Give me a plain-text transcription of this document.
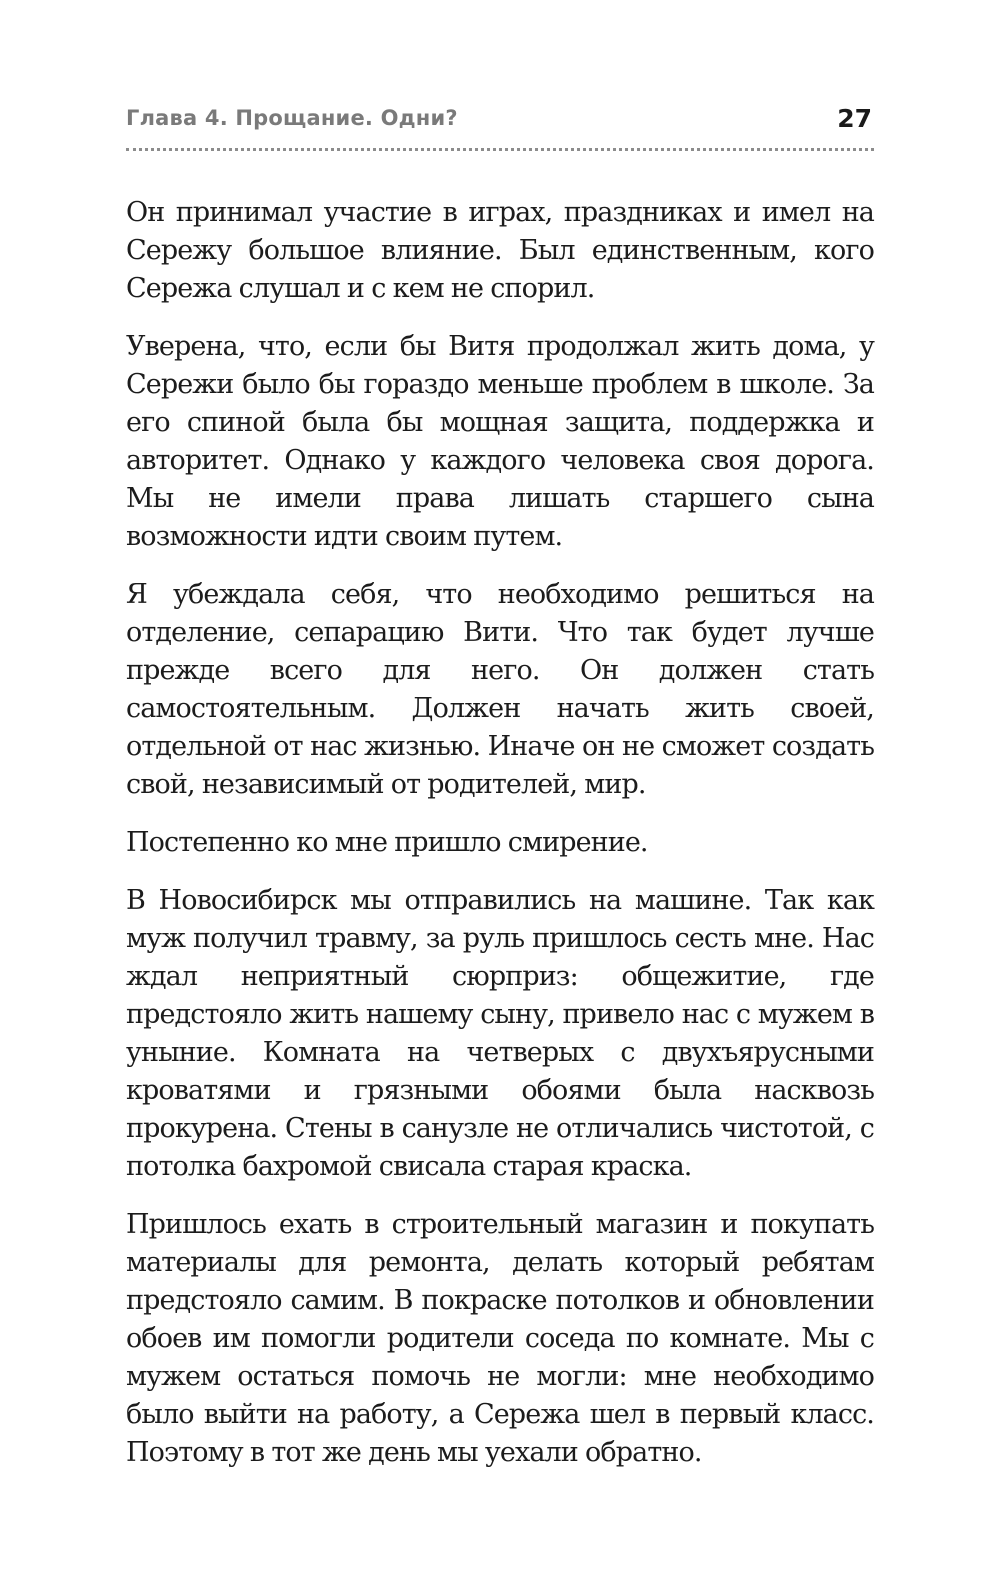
Глава 4. Прощание. Одни?	27

Он принимал участие в играх, праздниках и имел на Сережу большое влияние. Был единственным, кого Сережа слушал и с кем не спорил.

Уверена, что, если бы Витя продолжал жить дома, у Сережи было бы гораздо меньше проблем в школе. За его спиной была бы мощная защита, поддержка и авторитет. Однако у каждого человека своя дорога. Мы не имели права лишать старшего сына возможности идти своим путем.

Я убеждала себя, что необходимо решиться на отделение, сепарацию Вити. Что так будет лучше прежде всего для него. Он должен стать самостоятельным. Должен начать жить своей, отдельной от нас жизнью. Иначе он не сможет создать свой, независимый от родителей, мир.

Постепенно ко мне пришло смирение.

В Новосибирск мы отправились на машине. Так как муж получил травму, за руль пришлось сесть мне. Нас ждал неприятный сюрприз: общежитие, где предстояло жить нашему сыну, привело нас с мужем в уныние. Комната на четверых с двухъярусными кроватями и грязными обоями была насквозь прокурена. Стены в санузле не отличались чистотой, с потолка бахромой свисала старая краска.

Пришлось ехать в строительный магазин и покупать материалы для ремонта, делать который ребятам предстояло самим. В покраске потолков и обновлении обоев им помогли родители соседа по комнате. Мы с мужем остаться помочь не могли: мне необходимо было выйти на работу, а Сережа шел в первый класс. Поэтому в тот же день мы уехали обратно.
